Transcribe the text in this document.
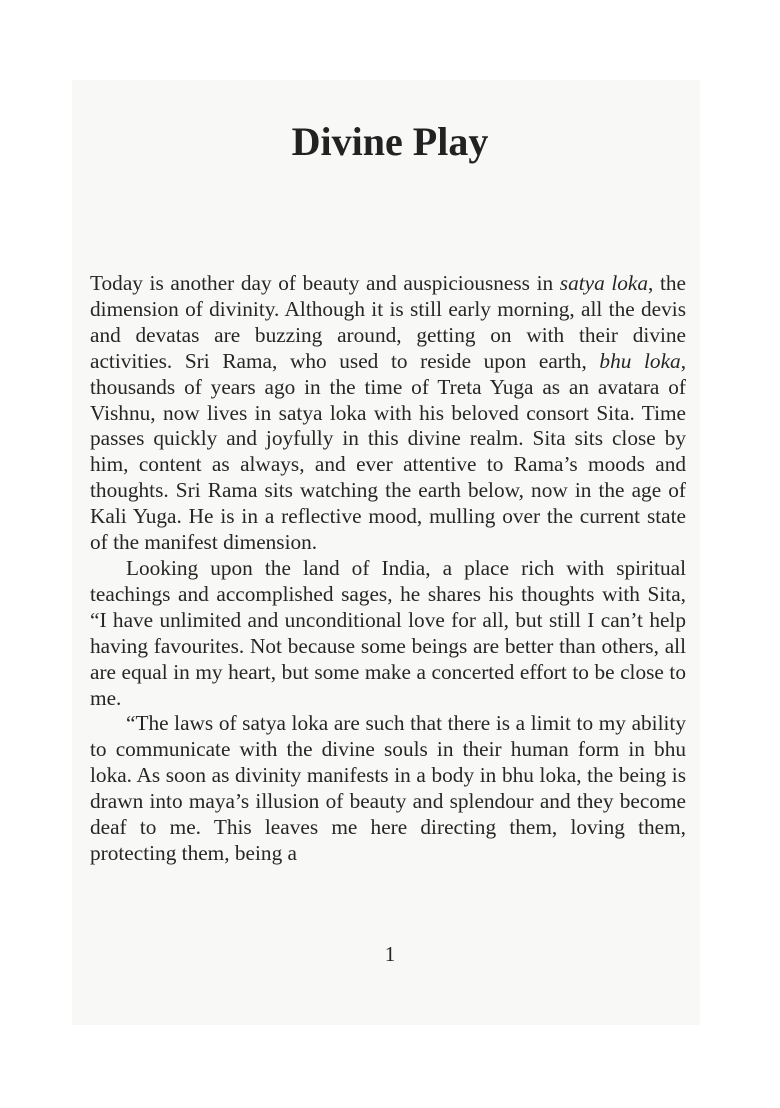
Divine Play

Today is another day of beauty and auspiciousness in satya loka, the dimension of divinity. Although it is still early morning, all the devis and devatas are buzzing around, getting on with their divine activities. Sri Rama, who used to reside upon earth, bhu loka, thousands of years ago in the time of Treta Yuga as an avatara of Vishnu, now lives in satya loka with his beloved consort Sita. Time passes quickly and joyfully in this divine realm. Sita sits close by him, content as always, and ever attentive to Rama’s moods and thoughts. Sri Rama sits watching the earth below, now in the age of Kali Yuga. He is in a reflective mood, mulling over the current state of the manifest dimension.

Looking upon the land of India, a place rich with spiritual teachings and accomplished sages, he shares his thoughts with Sita, “I have unlimited and unconditional love for all, but still I can’t help having favourites. Not because some beings are better than others, all are equal in my heart, but some make a concerted effort to be close to me.

“The laws of satya loka are such that there is a limit to my ability to communicate with the divine souls in their human form in bhu loka. As soon as divinity manifests in a body in bhu loka, the being is drawn into maya’s illusion of beauty and splendour and they become deaf to me. This leaves me here directing them, loving them, protecting them, being a

1
